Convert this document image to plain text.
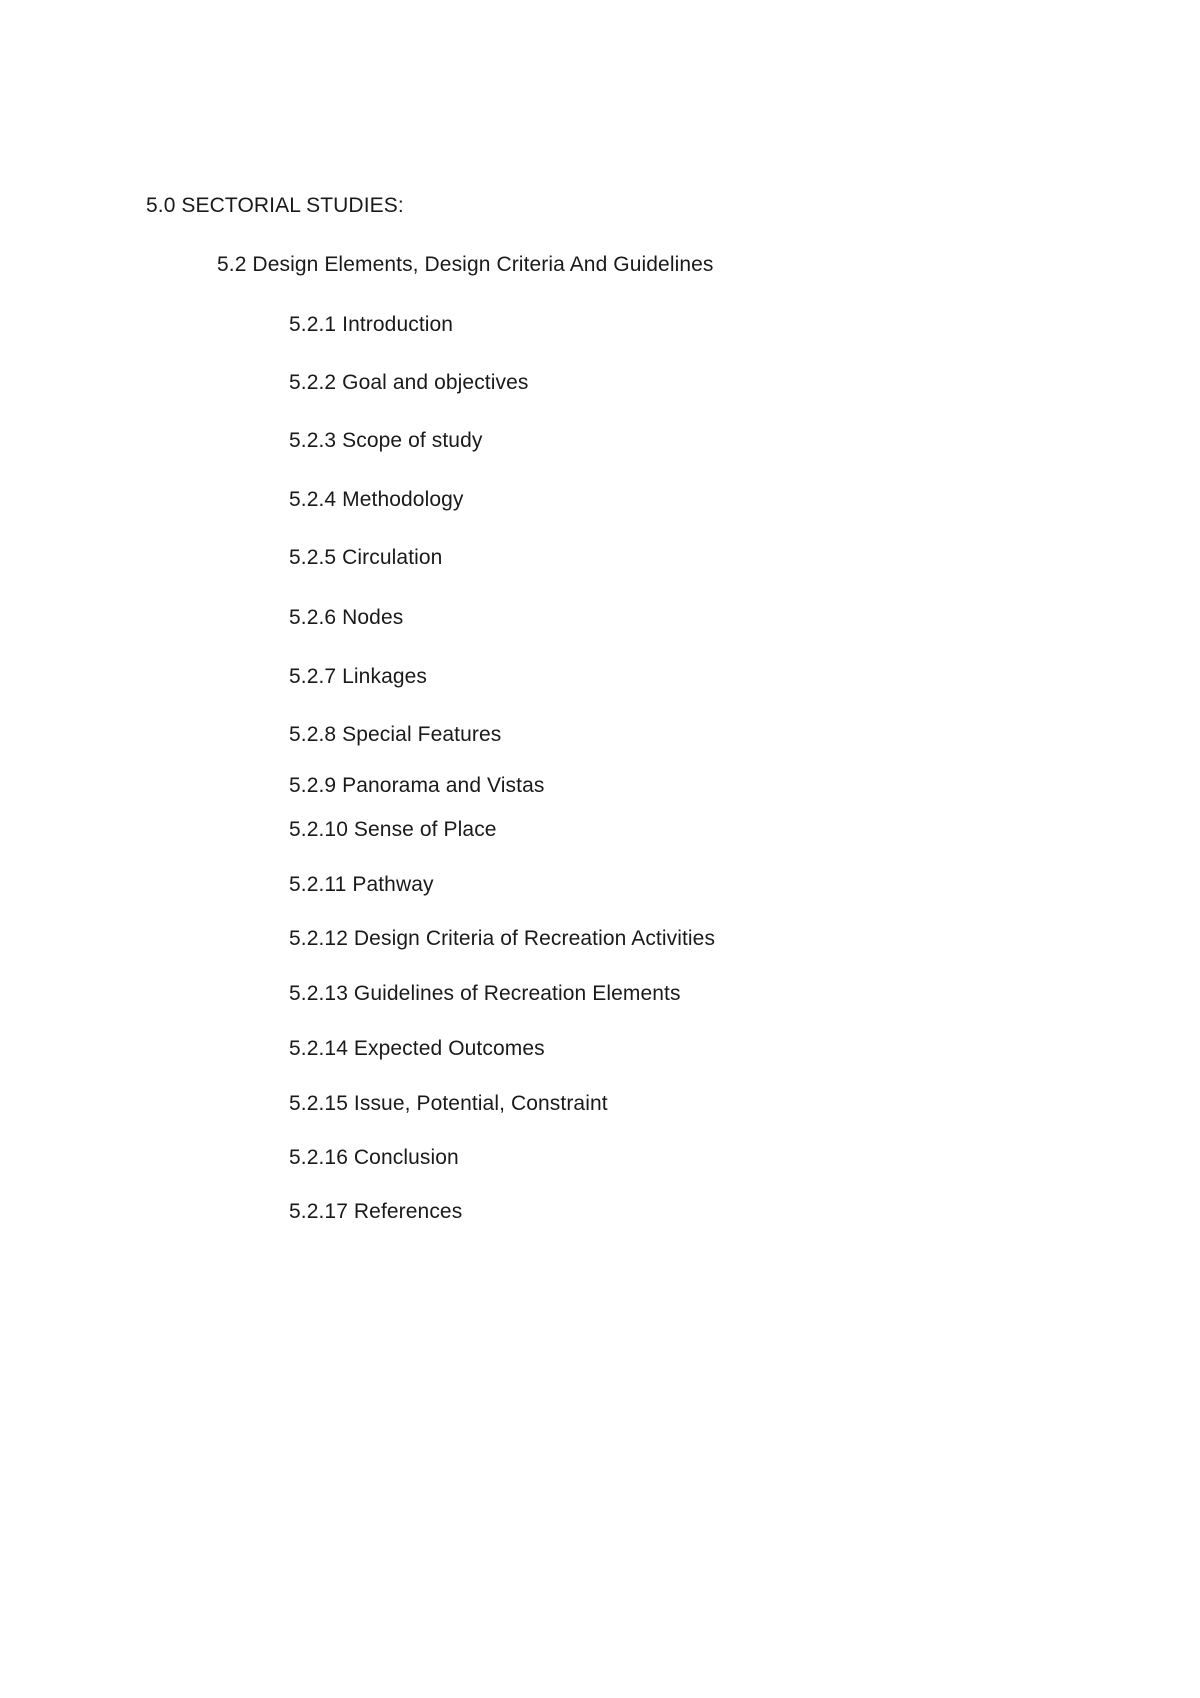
5.0 SECTORIAL STUDIES:
5.2 Design Elements, Design Criteria And Guidelines
5.2.1 Introduction
5.2.2 Goal and objectives
5.2.3 Scope of study
5.2.4 Methodology
5.2.5 Circulation
5.2.6 Nodes
5.2.7 Linkages
5.2.8 Special Features
5.2.9 Panorama and Vistas
5.2.10 Sense of Place
5.2.11 Pathway
5.2.12 Design Criteria of Recreation Activities
5.2.13 Guidelines of Recreation Elements
5.2.14 Expected Outcomes
5.2.15 Issue, Potential, Constraint
5.2.16 Conclusion
5.2.17 References
